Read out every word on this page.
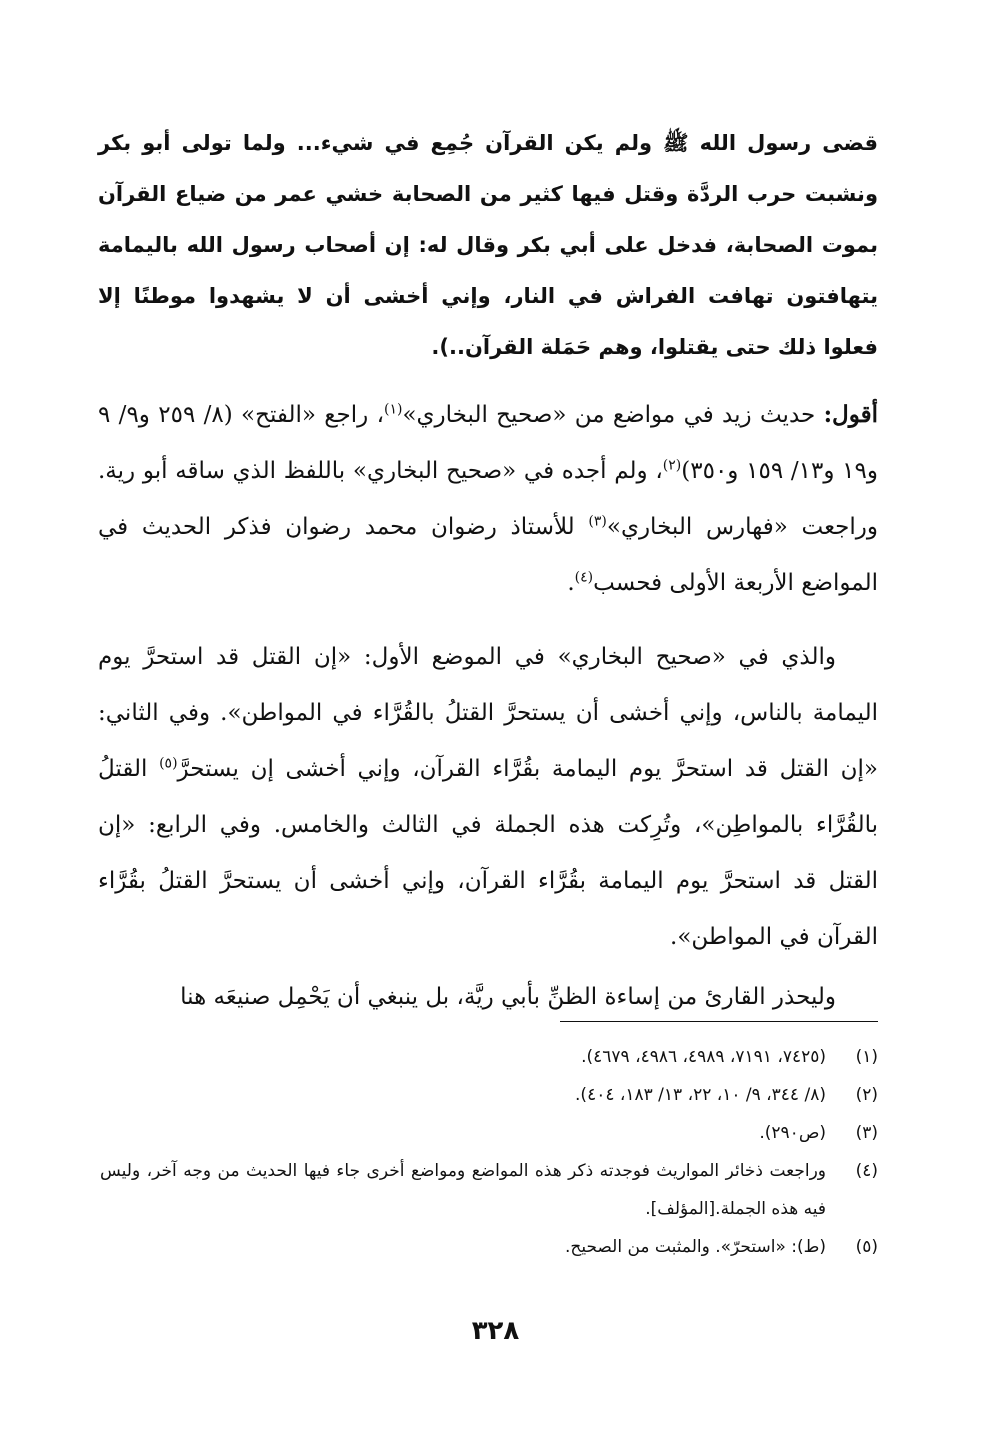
قضى رسول الله ﷺ ولم يكن القرآن جُمِع في شيء... ولما تولى أبو بكر ونشبت حرب الردَّة وقتل فيها كثير من الصحابة خشي عمر من ضياع القرآن بموت الصحابة، فدخل على أبي بكر وقال له: إن أصحاب رسول الله باليمامة يتهافتون تهافت الفراش في النار، وإني أخشى أن لا يشهدوا موطنًا إلا فعلوا ذلك حتى يقتلوا، وهم حَمَلة القرآن..).

أقول: حديث زيد في مواضع من «صحيح البخاري»$^{(١)}$، راجع «الفتح» (٨/ ٢٥٩ و٩/ ٩ و١٩ و١٣/ ١٥٩ و٣٥٠)$^{(٢)}$، ولم أجده في «صحيح البخاري» باللفظ الذي ساقه أبو رية. وراجعت «فهارس البخاري»$^{(٣)}$ للأستاذ رضوان محمد رضوان فذكر الحديث في المواضع الأربعة الأولى فحسب$^{(٤)}$.

والذي في «صحيح البخاري» في الموضع الأول: «إن القتل قد استحرَّ يوم اليمامة بالناس، وإني أخشى أن يستحرَّ القتلُ بالقُرَّاء في المواطن». وفي الثاني: «إن القتل قد استحرَّ يوم اليمامة بقُرَّاء القرآن، وإني أخشى إن يستحرَّ$^{(٥)}$ القتلُ بالقُرَّاء بالمواطِن»، وتُرِكت هذه الجملة في الثالث والخامس. وفي الرابع: «إن القتل قد استحرَّ يوم اليمامة بقُرَّاء القرآن، وإني أخشى أن يستحرَّ القتلُ بقُرَّاء القرآن في المواطن».

وليحذر القارئ من إساءة الظنِّ بأبي ريَّة، بل ينبغي أن يَحْمِل صنيعَه هنا

(١)
(٧٤٢٥، ٧١٩١، ٤٩٨٩، ٤٩٨٦، ٤٦٧٩).
(٢)
(٨/ ٣٤٤، ٩/ ١٠، ٢٢، ١٣/ ١٨٣، ٤٠٤).
(٣)
(ص٢٩٠).
(٤)
وراجعت ذخائر المواريث فوجدته ذكر هذه المواضع ومواضع أخرى جاء فيها الحديث من وجه آخر، وليس فيه هذه الجملة.[المؤلف].
(٥)
(ط): «استحرّ». والمثبت من الصحيح.
٣٢٨
